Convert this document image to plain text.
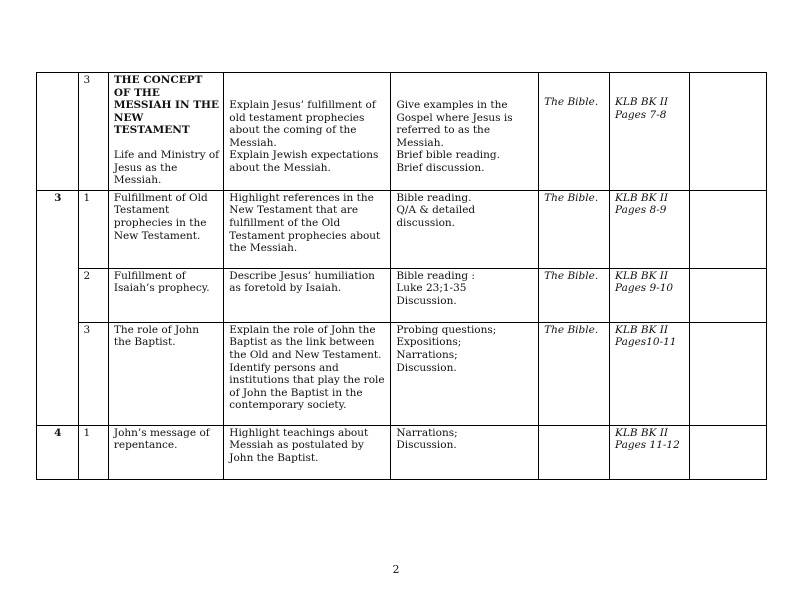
	3	THE CONCEPT OF THE MESSIAH IN THE NEW TESTAMENT
Life and Ministry of Jesus as the Messiah.	Explain Jesus’ fulfillment of old testament prophecies about the coming of the Messiah.
Explain Jewish expectations about the Messiah.	Give examples in the Gospel where Jesus is referred to as the Messiah.
Brief bible reading.
Brief discussion.	The Bible.	KLB BK II
Pages 7-8	

3	1	Fulfillment of Old Testament prophecies in the New Testament.	Highlight references in the New Testament that are fulfillment of the Old Testament prophecies about the Messiah.	Bible reading.
Q/A & detailed discussion.	The Bible.	KLB BK II
Pages 8-9	

	2	Fulfillment of Isaiah’s prophecy.	Describe Jesus’ humiliation as foretold by Isaiah.	Bible reading :
Luke 23;1-35
Discussion.	The Bible.	KLB BK II
Pages 9-10	

	3	The role of John the Baptist.	Explain the role of John the Baptist as the link between the Old and New Testament.
Identify persons and institutions that play the role of John the Baptist in the contemporary society.	Probing questions;
Expositions;
Narrations;
Discussion.	The Bible.	KLB BK II
Pages10-11	

4	1	John’s message of repentance.	Highlight teachings about Messiah as postulated by John the Baptist.	Narrations;
Discussion.		KLB BK II
Pages 11-12	

2
